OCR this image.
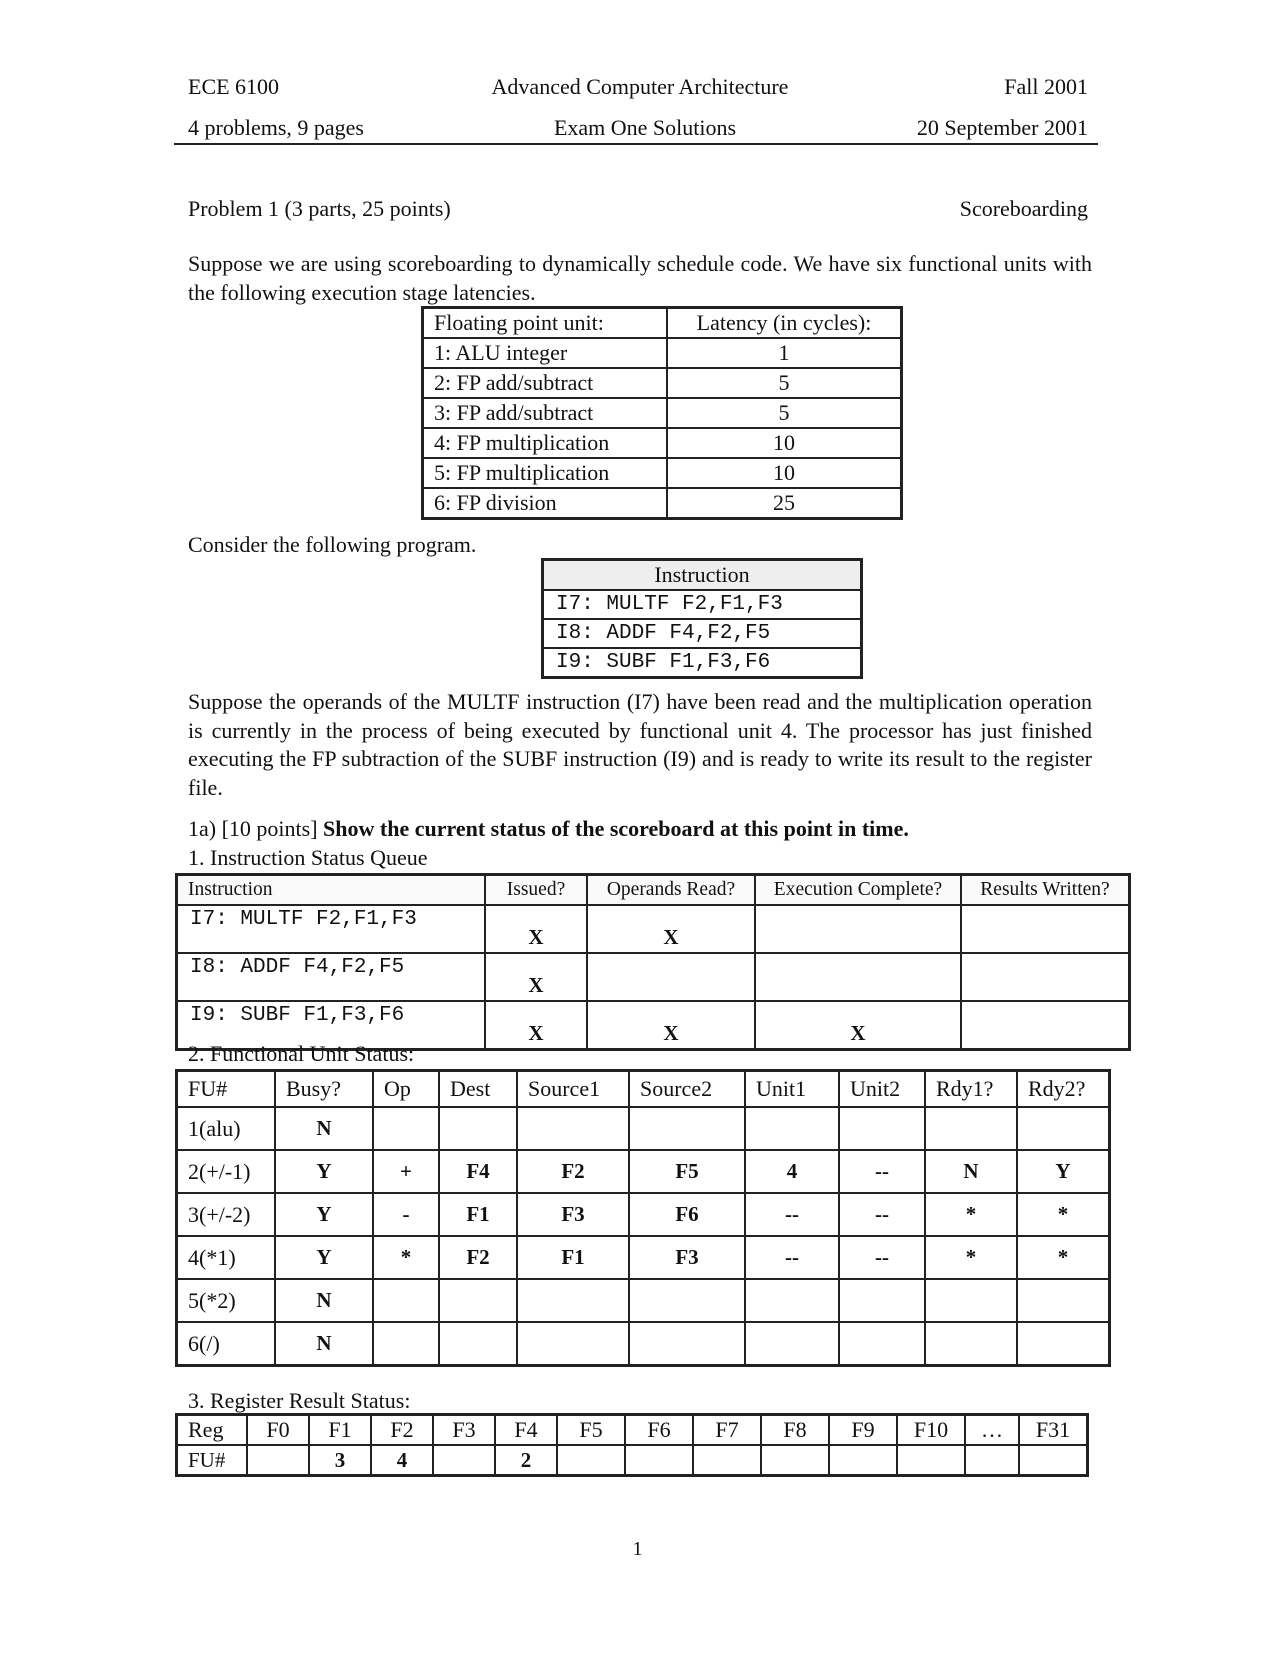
ECE 6100	Advanced Computer Architecture	Fall 2001
4 problems, 9 pages	Exam One Solutions	20 September 2001
Problem 1 (3 parts, 25 points)	Scoreboarding
Suppose we are using scoreboarding to dynamically schedule code. We have six functional units with the following execution stage latencies.
Floating point unit:	Latency (in cycles):
1: ALU integer	1
2: FP add/subtract	5
3: FP add/subtract	5
4: FP multiplication	10
5: FP multiplication	10
6: FP division	25
Consider the following program.
Instruction
I7: MULTF F2,F1,F3
I8: ADDF F4,F2,F5
I9: SUBF F1,F3,F6
Suppose the operands of the MULTF instruction (I7) have been read and the multiplication operation is currently in the process of being executed by functional unit 4. The processor has just finished executing the FP subtraction of the SUBF instruction (I9) and is ready to write its result to the register file.
1a) [10 points] Show the current status of the scoreboard at this point in time.
1. Instruction Status Queue
Instruction	Issued?	Operands Read?	Execution Complete?	Results Written?
I7: MULTF F2,F1,F3	X	X		
I8: ADDF F4,F2,F5	X			
I9: SUBF F1,F3,F6	X	X	X	
2. Functional Unit Status:
FU#	Busy?	Op	Dest	Source1	Source2	Unit1	Unit2	Rdy1?	Rdy2?
1(alu)	N								
2(+/-1)	Y	+	F4	F2	F5	4	--	N	Y
3(+/-2)	Y	-	F1	F3	F6	--	--	*	*
4(*1)	Y	*	F2	F1	F3	--	--	*	*
5(*2)	N								
6(/)	N								
3. Register Result Status:
Reg	F0	F1	F2	F3	F4	F5	F6	F7	F8	F9	F10	…	F31
FU#		3	4		2								
1
